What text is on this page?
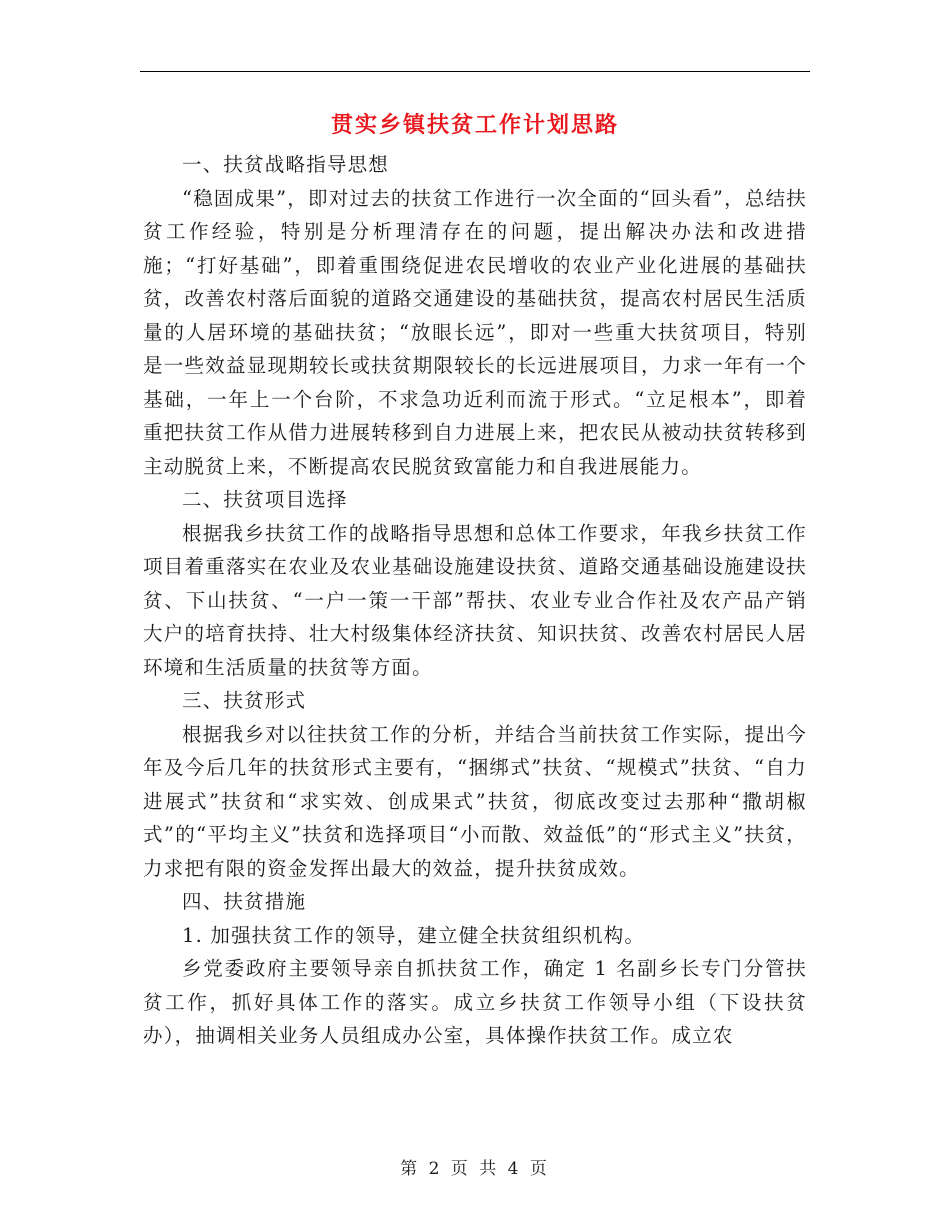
贯实乡镇扶贫工作计划思路

一、扶贫战略指导思想

“稳固成果”，即对过去的扶贫工作进行一次全面的“回头看”，总结扶贫工作经验，特别是分析理清存在的问题，提出解决办法和改进措施；“打好基础”，即着重围绕促进农民增收的农业产业化进展的基础扶贫，改善农村落后面貌的道路交通建设的基础扶贫，提高农村居民生活质量的人居环境的基础扶贫；“放眼长远”，即对一些重大扶贫项目，特别是一些效益显现期较长或扶贫期限较长的长远进展项目，力求一年有一个基础，一年上一个台阶，不求急功近利而流于形式。“立足根本”，即着重把扶贫工作从借力进展转移到自力进展上来，把农民从被动扶贫转移到主动脱贫上来，不断提高农民脱贫致富能力和自我进展能力。

二、扶贫项目选择

根据我乡扶贫工作的战略指导思想和总体工作要求，年我乡扶贫工作项目着重落实在农业及农业基础设施建设扶贫、道路交通基础设施建设扶贫、下山扶贫、“一户一策一干部”帮扶、农业专业合作社及农产品产销大户的培育扶持、壮大村级集体经济扶贫、知识扶贫、改善农村居民人居环境和生活质量的扶贫等方面。

三、扶贫形式

根据我乡对以往扶贫工作的分析，并结合当前扶贫工作实际，提出今年及今后几年的扶贫形式主要有，“捆绑式”扶贫、“规模式”扶贫、“自力进展式”扶贫和“求实效、创成果式”扶贫，彻底改变过去那种“撒胡椒式”的“平均主义”扶贫和选择项目“小而散、效益低”的“形式主义”扶贫，力求把有限的资金发挥出最大的效益，提升扶贫成效。

四、扶贫措施

1. 加强扶贫工作的领导，建立健全扶贫组织机构。

乡党委政府主要领导亲自抓扶贫工作，确定 1 名副乡长专门分管扶贫工作，抓好具体工作的落实。成立乡扶贫工作领导小组（下设扶贫办），抽调相关业务人员组成办公室，具体操作扶贫工作。成立农

第 2 页 共 4 页
